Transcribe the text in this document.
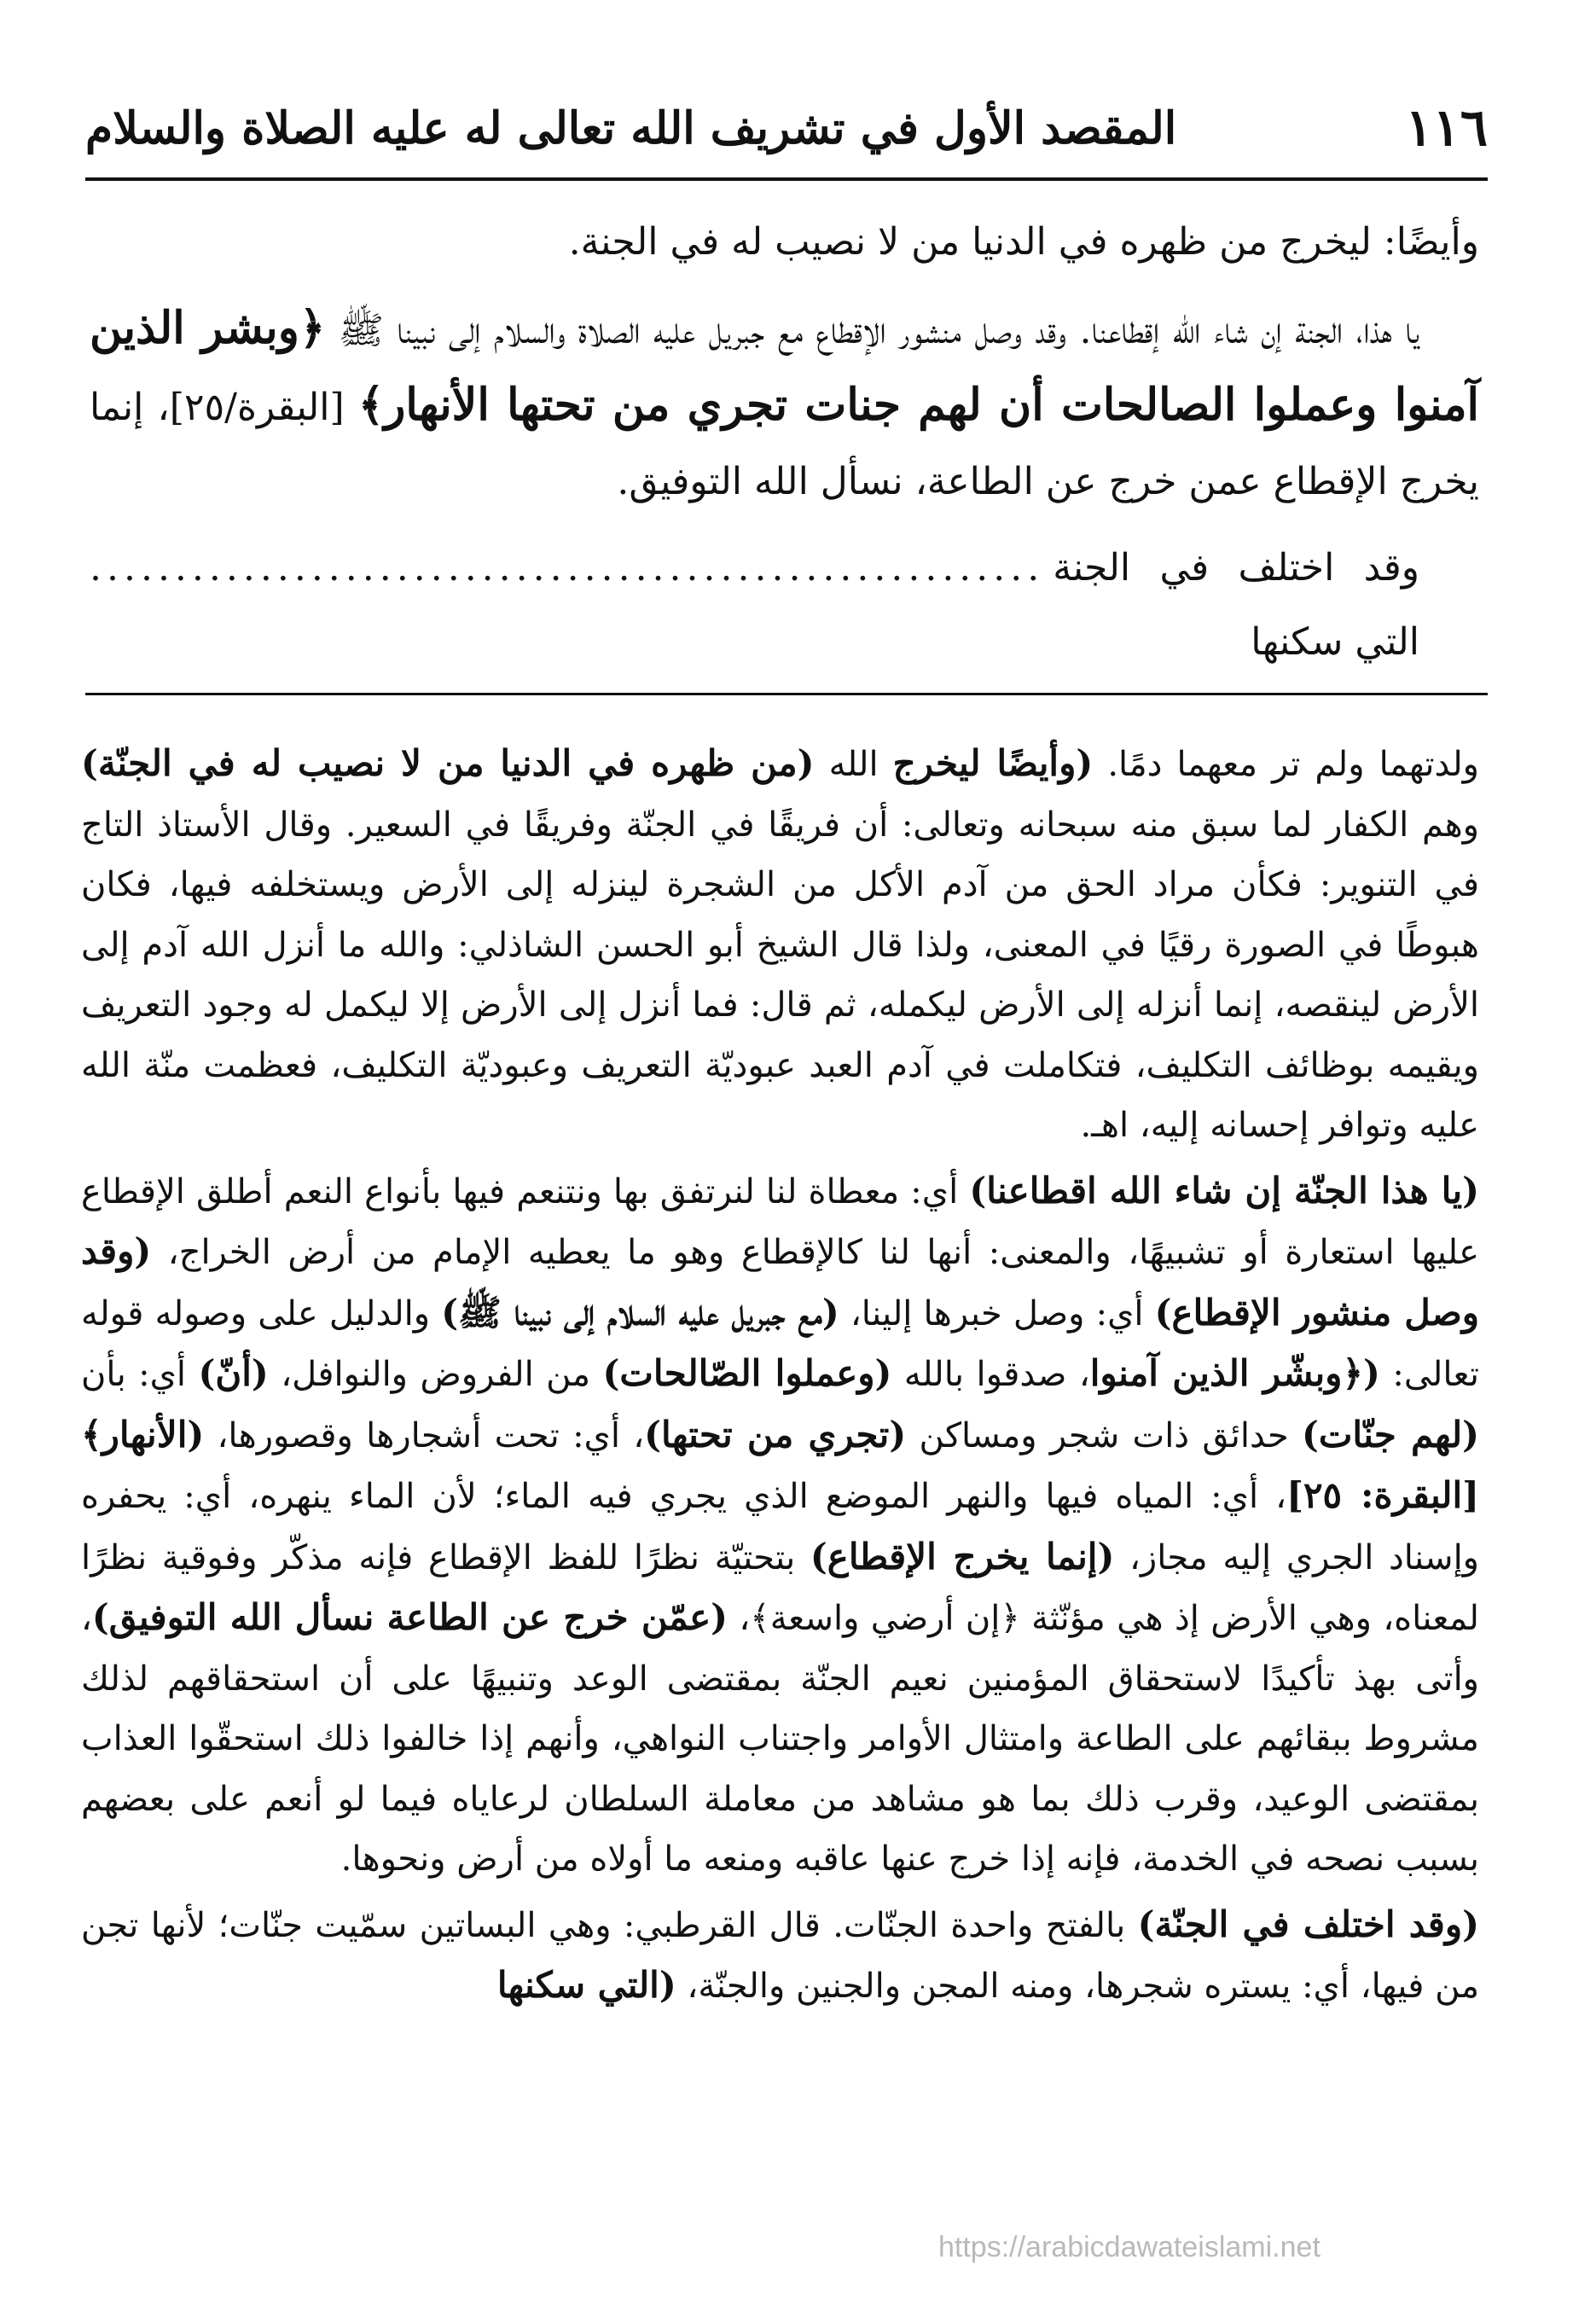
١١٦
المقصد الأول في تشريف الله تعالى له عليه الصلاة والسلام

وأيضًا: ليخرج من ظهره في الدنيا من لا نصيب له في الجنة.

يا هذا، الجنة إن شاء الله إقطاعنا. وقد وصل منشور الإقطاع مع جبريل عليه الصلاة والسلام إلى نبينا ﷺ ﴿وبشر الذين آمنوا وعملوا الصالحات أن لهم جنات تجري من تحتها الأنهار﴾ [البقرة/٢٥]، إنما يخرج الإقطاع عمن خرج عن الطاعة، نسأل الله التوفيق.

وقد اختلف في الجنة التي سكنها
........................................................

ولدتهما ولم تر معهما دمًا. (وأيضًا ليخرج الله (من ظهره في الدنيا من لا نصيب له في الجنّة) وهم الكفار لما سبق منه سبحانه وتعالى: أن فريقًا في الجنّة وفريقًا في السعير. وقال الأستاذ التاج في التنوير: فكأن مراد الحق من آدم الأكل من الشجرة لينزله إلى الأرض ويستخلفه فيها، فكان هبوطًا في الصورة رقيًا في المعنى، ولذا قال الشيخ أبو الحسن الشاذلي: والله ما أنزل الله آدم إلى الأرض لينقصه، إنما أنزله إلى الأرض ليكمله، ثم قال: فما أنزل إلى الأرض إلا ليكمل له وجود التعريف ويقيمه بوظائف التكليف، فتكاملت في آدم العبد عبوديّة التعريف وعبوديّة التكليف، فعظمت منّة الله عليه وتوافر إحسانه إليه، اهـ.

(يا هذا الجنّة إن شاء الله اقطاعنا) أي: معطاة لنا لنرتفق بها ونتنعم فيها بأنواع النعم أطلق الإقطاع عليها استعارة أو تشبيهًا، والمعنى: أنها لنا كالإقطاع وهو ما يعطيه الإمام من أرض الخراج، (وقد وصل منشور الإقطاع) أي: وصل خبرها إلينا، (مع جبريل عليه السلام إلى نبينا ﷺ) والدليل على وصوله قوله تعالى: (﴿وبشّر الذين آمنوا، صدقوا بالله (وعملوا الصّالحات) من الفروض والنوافل، (أنّ) أي: بأن (لهم جنّات) حدائق ذات شجر ومساكن (تجري من تحتها)، أي: تحت أشجارها وقصورها، (الأنهار﴾ [البقرة: ٢٥]، أي: المياه فيها والنهر الموضع الذي يجري فيه الماء؛ لأن الماء ينهره، أي: يحفره وإسناد الجري إليه مجاز، (إنما يخرج الإقطاع) بتحتيّة نظرًا للفظ الإقطاع فإنه مذكّر وفوقية نظرًا لمعناه، وهي الأرض إذ هي مؤنّثة ﴿إن أرضي واسعة﴾، (عمّن خرج عن الطاعة نسأل الله التوفيق)، وأتى بهذ تأكيدًا لاستحقاق المؤمنين نعيم الجنّة بمقتضى الوعد وتنبيهًا على أن استحقاقهم لذلك مشروط ببقائهم على الطاعة وامتثال الأوامر واجتناب النواهي، وأنهم إذا خالفوا ذلك استحقّوا العذاب بمقتضى الوعيد، وقرب ذلك بما هو مشاهد من معاملة السلطان لرعاياه فيما لو أنعم على بعضهم بسبب نصحه في الخدمة، فإنه إذا خرج عنها عاقبه ومنعه ما أولاه من أرض ونحوها.

(وقد اختلف في الجنّة) بالفتح واحدة الجنّات. قال القرطبي: وهي البساتين سمّيت جنّات؛ لأنها تجن من فيها، أي: يستره شجرها، ومنه المجن والجنين والجنّة، (التي سكنها

https://arabicdawateislami.net
